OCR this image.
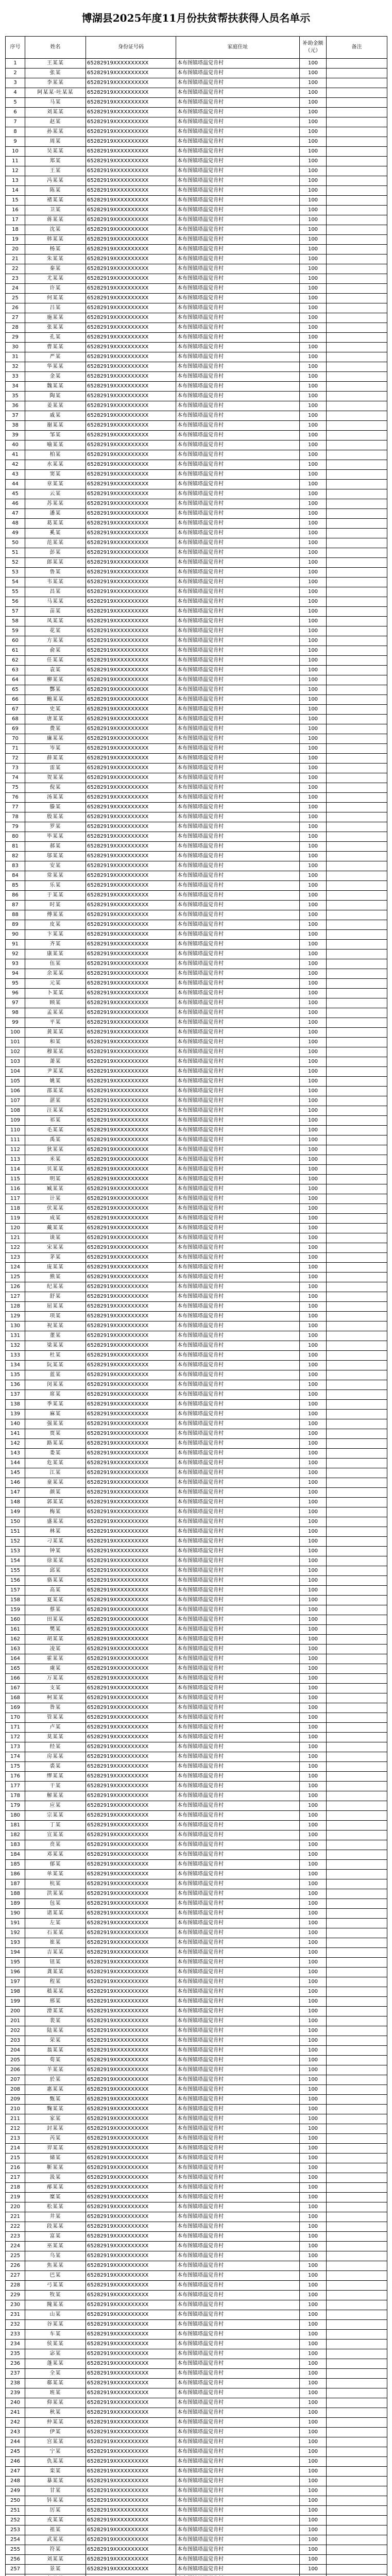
博湖县2025年度11月份扶贫帮扶获得人员名单示
序号	姓名	身份证号码	家庭住址	补助金额（元）	备注
1	王某某	65282919XXXXXXXXXX	本布图镇塔温觉肯村	100	
2	张某	65282919XXXXXXXXXX	本布图镇塔温觉肯村	100	
3	李某某	65282919XXXXXXXXXX	本布图镇塔温觉肯村	100	
4	阿某某·吐某某	65282919XXXXXXXXXX	本布图镇塔温觉肯村	100	
5	马某	65282919XXXXXXXXXX	本布图镇塔温觉肯村	100	
6	刘某某	65282919XXXXXXXXXX	本布图镇塔温觉肯村	100	
7	赵某	65282919XXXXXXXXXX	本布图镇塔温觉肯村	100	
8	孙某某	65282919XXXXXXXXXX	本布图镇塔温觉肯村	100	
9	周某	65282919XXXXXXXXXX	本布图镇塔温觉肯村	100	
10	吴某某	65282919XXXXXXXXXX	本布图镇塔温觉肯村	100	
11	郑某	65282919XXXXXXXXXX	本布图镇塔温觉肯村	100	
12	王某	65282919XXXXXXXXXX	本布图镇塔温觉肯村	100	
13	冯某某	65282919XXXXXXXXXX	本布图镇塔温觉肯村	100	
14	陈某	65282919XXXXXXXXXX	本布图镇塔温觉肯村	100	
15	褚某某	65282919XXXXXXXXXX	本布图镇塔温觉肯村	100	
16	卫某	65282919XXXXXXXXXX	本布图镇塔温觉肯村	100	
17	蒋某某	65282919XXXXXXXXXX	本布图镇塔温觉肯村	100	
18	沈某	65282919XXXXXXXXXX	本布图镇塔温觉肯村	100	
19	韩某某	65282919XXXXXXXXXX	本布图镇塔温觉肯村	100	
20	杨某	65282919XXXXXXXXXX	本布图镇塔温觉肯村	100	
21	朱某某	65282919XXXXXXXXXX	本布图镇塔温觉肯村	100	
22	秦某	65282919XXXXXXXXXX	本布图镇塔温觉肯村	100	
23	尤某某	65282919XXXXXXXXXX	本布图镇塔温觉肯村	100	
24	许某	65282919XXXXXXXXXX	本布图镇塔温觉肯村	100	
25	何某某	65282919XXXXXXXXXX	本布图镇塔温觉肯村	100	
26	吕某	65282919XXXXXXXXXX	本布图镇塔温觉肯村	100	
27	施某某	65282919XXXXXXXXXX	本布图镇塔温觉肯村	100	
28	张某某	65282919XXXXXXXXXX	本布图镇塔温觉肯村	100	
29	孔某	65282919XXXXXXXXXX	本布图镇塔温觉肯村	100	
30	曹某某	65282919XXXXXXXXXX	本布图镇塔温觉肯村	100	
31	严某	65282919XXXXXXXXXX	本布图镇塔温觉肯村	100	
32	华某某	65282919XXXXXXXXXX	本布图镇塔温觉肯村	100	
33	金某	65282919XXXXXXXXXX	本布图镇塔温觉肯村	100	
34	魏某某	65282919XXXXXXXXXX	本布图镇塔温觉肯村	100	
35	陶某	65282919XXXXXXXXXX	本布图镇塔温觉肯村	100	
36	姜某某	65282919XXXXXXXXXX	本布图镇塔温觉肯村	100	
37	戚某	65282919XXXXXXXXXX	本布图镇塔温觉肯村	100	
38	谢某某	65282919XXXXXXXXXX	本布图镇塔温觉肯村	100	
39	邹某	65282919XXXXXXXXXX	本布图镇塔温觉肯村	100	
40	喻某某	65282919XXXXXXXXXX	本布图镇塔温觉肯村	100	
41	柏某	65282919XXXXXXXXXX	本布图镇塔温觉肯村	100	
42	水某某	65282919XXXXXXXXXX	本布图镇塔温觉肯村	100	
43	窦某	65282919XXXXXXXXXX	本布图镇塔温觉肯村	100	
44	章某某	65282919XXXXXXXXXX	本布图镇塔温觉肯村	100	
45	云某	65282919XXXXXXXXXX	本布图镇塔温觉肯村	100	
46	苏某某	65282919XXXXXXXXXX	本布图镇塔温觉肯村	100	
47	潘某	65282919XXXXXXXXXX	本布图镇塔温觉肯村	100	
48	葛某某	65282919XXXXXXXXXX	本布图镇塔温觉肯村	100	
49	奚某	65282919XXXXXXXXXX	本布图镇塔温觉肯村	100	
50	范某某	65282919XXXXXXXXXX	本布图镇塔温觉肯村	100	
51	彭某	65282919XXXXXXXXXX	本布图镇塔温觉肯村	100	
52	郎某某	65282919XXXXXXXXXX	本布图镇塔温觉肯村	100	
53	鲁某	65282919XXXXXXXXXX	本布图镇塔温觉肯村	100	
54	韦某某	65282919XXXXXXXXXX	本布图镇塔温觉肯村	100	
55	昌某	65282919XXXXXXXXXX	本布图镇塔温觉肯村	100	
56	马某某	65282919XXXXXXXXXX	本布图镇塔温觉肯村	100	
57	苗某	65282919XXXXXXXXXX	本布图镇塔温觉肯村	100	
58	凤某某	65282919XXXXXXXXXX	本布图镇塔温觉肯村	100	
59	花某	65282919XXXXXXXXXX	本布图镇塔温觉肯村	100	
60	方某某	65282919XXXXXXXXXX	本布图镇塔温觉肯村	100	
61	俞某	65282919XXXXXXXXXX	本布图镇塔温觉肯村	100	
62	任某某	65282919XXXXXXXXXX	本布图镇塔温觉肯村	100	
63	袁某	65282919XXXXXXXXXX	本布图镇塔温觉肯村	100	
64	柳某某	65282919XXXXXXXXXX	本布图镇塔温觉肯村	100	
65	酆某	65282919XXXXXXXXXX	本布图镇塔温觉肯村	100	
66	鲍某某	65282919XXXXXXXXXX	本布图镇塔温觉肯村	100	
67	史某	65282919XXXXXXXXXX	本布图镇塔温觉肯村	100	
68	唐某某	65282919XXXXXXXXXX	本布图镇塔温觉肯村	100	
69	费某	65282919XXXXXXXXXX	本布图镇塔温觉肯村	100	
70	廉某某	65282919XXXXXXXXXX	本布图镇塔温觉肯村	100	
71	岑某	65282919XXXXXXXXXX	本布图镇塔温觉肯村	100	
72	薛某某	65282919XXXXXXXXXX	本布图镇塔温觉肯村	100	
73	雷某	65282919XXXXXXXXXX	本布图镇塔温觉肯村	100	
74	贺某某	65282919XXXXXXXXXX	本布图镇塔温觉肯村	100	
75	倪某	65282919XXXXXXXXXX	本布图镇塔温觉肯村	100	
76	汤某某	65282919XXXXXXXXXX	本布图镇塔温觉肯村	100	
77	滕某	65282919XXXXXXXXXX	本布图镇塔温觉肯村	100	
78	殷某某	65282919XXXXXXXXXX	本布图镇塔温觉肯村	100	
79	罗某	65282919XXXXXXXXXX	本布图镇塔温觉肯村	100	
80	毕某某	65282919XXXXXXXXXX	本布图镇塔温觉肯村	100	
81	郝某	65282919XXXXXXXXXX	本布图镇塔温觉肯村	100	
82	邬某某	65282919XXXXXXXXXX	本布图镇塔温觉肯村	100	
83	安某	65282919XXXXXXXXXX	本布图镇塔温觉肯村	100	
84	常某某	65282919XXXXXXXXXX	本布图镇塔温觉肯村	100	
85	乐某	65282919XXXXXXXXXX	本布图镇塔温觉肯村	100	
86	于某某	65282919XXXXXXXXXX	本布图镇塔温觉肯村	100	
87	时某	65282919XXXXXXXXXX	本布图镇塔温觉肯村	100	
88	傅某某	65282919XXXXXXXXXX	本布图镇塔温觉肯村	100	
89	皮某	65282919XXXXXXXXXX	本布图镇塔温觉肯村	100	
90	卞某某	65282919XXXXXXXXXX	本布图镇塔温觉肯村	100	
91	齐某	65282919XXXXXXXXXX	本布图镇塔温觉肯村	100	
92	康某某	65282919XXXXXXXXXX	本布图镇塔温觉肯村	100	
93	伍某	65282919XXXXXXXXXX	本布图镇塔温觉肯村	100	
94	余某某	65282919XXXXXXXXXX	本布图镇塔温觉肯村	100	
95	元某	65282919XXXXXXXXXX	本布图镇塔温觉肯村	100	
96	卜某某	65282919XXXXXXXXXX	本布图镇塔温觉肯村	100	
97	顾某	65282919XXXXXXXXXX	本布图镇塔温觉肯村	100	
98	孟某某	65282919XXXXXXXXXX	本布图镇塔温觉肯村	100	
99	平某	65282919XXXXXXXXXX	本布图镇塔温觉肯村	100	
100	黄某某	65282919XXXXXXXXXX	本布图镇塔温觉肯村	100	
101	和某	65282919XXXXXXXXXX	本布图镇塔温觉肯村	100	
102	穆某某	65282919XXXXXXXXXX	本布图镇塔温觉肯村	100	
103	萧某	65282919XXXXXXXXXX	本布图镇塔温觉肯村	100	
104	尹某某	65282919XXXXXXXXXX	本布图镇塔温觉肯村	100	
105	姚某	65282919XXXXXXXXXX	本布图镇塔温觉肯村	100	
106	邵某某	65282919XXXXXXXXXX	本布图镇塔温觉肯村	100	
107	湛某	65282919XXXXXXXXXX	本布图镇塔温觉肯村	100	
108	汪某某	65282919XXXXXXXXXX	本布图镇塔温觉肯村	100	
109	祁某	65282919XXXXXXXXXX	本布图镇塔温觉肯村	100	
110	毛某某	65282919XXXXXXXXXX	本布图镇塔温觉肯村	100	
111	禹某	65282919XXXXXXXXXX	本布图镇塔温觉肯村	100	
112	狄某某	65282919XXXXXXXXXX	本布图镇塔温觉肯村	100	
113	米某	65282919XXXXXXXXXX	本布图镇塔温觉肯村	100	
114	贝某某	65282919XXXXXXXXXX	本布图镇塔温觉肯村	100	
115	明某	65282919XXXXXXXXXX	本布图镇塔温觉肯村	100	
116	臧某某	65282919XXXXXXXXXX	本布图镇塔温觉肯村	100	
117	计某	65282919XXXXXXXXXX	本布图镇塔温觉肯村	100	
118	伏某某	65282919XXXXXXXXXX	本布图镇塔温觉肯村	100	
119	成某	65282919XXXXXXXXXX	本布图镇塔温觉肯村	100	
120	戴某某	65282919XXXXXXXXXX	本布图镇塔温觉肯村	100	
121	谈某	65282919XXXXXXXXXX	本布图镇塔温觉肯村	100	
122	宋某某	65282919XXXXXXXXXX	本布图镇塔温觉肯村	100	
123	茅某	65282919XXXXXXXXXX	本布图镇塔温觉肯村	100	
124	庞某某	65282919XXXXXXXXXX	本布图镇塔温觉肯村	100	
125	熊某	65282919XXXXXXXXXX	本布图镇塔温觉肯村	100	
126	纪某某	65282919XXXXXXXXXX	本布图镇塔温觉肯村	100	
127	舒某	65282919XXXXXXXXXX	本布图镇塔温觉肯村	100	
128	屈某某	65282919XXXXXXXXXX	本布图镇塔温觉肯村	100	
129	项某	65282919XXXXXXXXXX	本布图镇塔温觉肯村	100	
130	祝某某	65282919XXXXXXXXXX	本布图镇塔温觉肯村	100	
131	董某	65282919XXXXXXXXXX	本布图镇塔温觉肯村	100	
132	梁某某	65282919XXXXXXXXXX	本布图镇塔温觉肯村	100	
133	杜某	65282919XXXXXXXXXX	本布图镇塔温觉肯村	100	
134	阮某某	65282919XXXXXXXXXX	本布图镇塔温觉肯村	100	
135	蓝某	65282919XXXXXXXXXX	本布图镇塔温觉肯村	100	
136	闵某某	65282919XXXXXXXXXX	本布图镇塔温觉肯村	100	
137	席某	65282919XXXXXXXXXX	本布图镇塔温觉肯村	100	
138	季某某	65282919XXXXXXXXXX	本布图镇塔温觉肯村	100	
139	麻某	65282919XXXXXXXXXX	本布图镇塔温觉肯村	100	
140	强某某	65282919XXXXXXXXXX	本布图镇塔温觉肯村	100	
141	贾某	65282919XXXXXXXXXX	本布图镇塔温觉肯村	100	
142	路某某	65282919XXXXXXXXXX	本布图镇塔温觉肯村	100	
143	娄某	65282919XXXXXXXXXX	本布图镇塔温觉肯村	100	
144	危某某	65282919XXXXXXXXXX	本布图镇塔温觉肯村	100	
145	江某	65282919XXXXXXXXXX	本布图镇塔温觉肯村	100	
146	童某某	65282919XXXXXXXXXX	本布图镇塔温觉肯村	100	
147	颜某	65282919XXXXXXXXXX	本布图镇塔温觉肯村	100	
148	郭某某	65282919XXXXXXXXXX	本布图镇塔温觉肯村	100	
149	梅某	65282919XXXXXXXXXX	本布图镇塔温觉肯村	100	
150	盛某某	65282919XXXXXXXXXX	本布图镇塔温觉肯村	100	
151	林某	65282919XXXXXXXXXX	本布图镇塔温觉肯村	100	
152	刁某某	65282919XXXXXXXXXX	本布图镇塔温觉肯村	100	
153	钟某	65282919XXXXXXXXXX	本布图镇塔温觉肯村	100	
154	徐某某	65282919XXXXXXXXXX	本布图镇塔温觉肯村	100	
155	邱某	65282919XXXXXXXXXX	本布图镇塔温觉肯村	100	
156	骆某某	65282919XXXXXXXXXX	本布图镇塔温觉肯村	100	
157	高某	65282919XXXXXXXXXX	本布图镇塔温觉肯村	100	
158	夏某某	65282919XXXXXXXXXX	本布图镇塔温觉肯村	100	
159	蔡某	65282919XXXXXXXXXX	本布图镇塔温觉肯村	100	
160	田某某	65282919XXXXXXXXXX	本布图镇塔温觉肯村	100	
161	樊某	65282919XXXXXXXXXX	本布图镇塔温觉肯村	100	
162	胡某某	65282919XXXXXXXXXX	本布图镇塔温觉肯村	100	
163	凌某	65282919XXXXXXXXXX	本布图镇塔温觉肯村	100	
164	霍某某	65282919XXXXXXXXXX	本布图镇塔温觉肯村	100	
165	虞某	65282919XXXXXXXXXX	本布图镇塔温觉肯村	100	
166	万某某	65282919XXXXXXXXXX	本布图镇塔温觉肯村	100	
167	支某	65282919XXXXXXXXXX	本布图镇塔温觉肯村	100	
168	柯某某	65282919XXXXXXXXXX	本布图镇塔温觉肯村	100	
169	昝某	65282919XXXXXXXXXX	本布图镇塔温觉肯村	100	
170	管某某	65282919XXXXXXXXXX	本布图镇塔温觉肯村	100	
171	卢某	65282919XXXXXXXXXX	本布图镇塔温觉肯村	100	
172	莫某某	65282919XXXXXXXXXX	本布图镇塔温觉肯村	100	
173	经某	65282919XXXXXXXXXX	本布图镇塔温觉肯村	100	
174	房某某	65282919XXXXXXXXXX	本布图镇塔温觉肯村	100	
175	裘某	65282919XXXXXXXXXX	本布图镇塔温觉肯村	100	
176	缪某某	65282919XXXXXXXXXX	本布图镇塔温觉肯村	100	
177	干某	65282919XXXXXXXXXX	本布图镇塔温觉肯村	100	
178	解某某	65282919XXXXXXXXXX	本布图镇塔温觉肯村	100	
179	应某	65282919XXXXXXXXXX	本布图镇塔温觉肯村	100	
180	宗某某	65282919XXXXXXXXXX	本布图镇塔温觉肯村	100	
181	丁某	65282919XXXXXXXXXX	本布图镇塔温觉肯村	100	
182	宣某某	65282919XXXXXXXXXX	本布图镇塔温觉肯村	100	
183	贲某	65282919XXXXXXXXXX	本布图镇塔温觉肯村	100	
184	邓某某	65282919XXXXXXXXXX	本布图镇塔温觉肯村	100	
185	郁某	65282919XXXXXXXXXX	本布图镇塔温觉肯村	100	
186	单某某	65282919XXXXXXXXXX	本布图镇塔温觉肯村	100	
187	杭某	65282919XXXXXXXXXX	本布图镇塔温觉肯村	100	
188	洪某某	65282919XXXXXXXXXX	本布图镇塔温觉肯村	100	
189	包某	65282919XXXXXXXXXX	本布图镇塔温觉肯村	100	
190	诸某某	65282919XXXXXXXXXX	本布图镇塔温觉肯村	100	
191	左某	65282919XXXXXXXXXX	本布图镇塔温觉肯村	100	
192	石某某	65282919XXXXXXXXXX	本布图镇塔温觉肯村	100	
193	崔某	65282919XXXXXXXXXX	本布图镇塔温觉肯村	100	
194	吉某某	65282919XXXXXXXXXX	本布图镇塔温觉肯村	100	
195	钮某	65282919XXXXXXXXXX	本布图镇塔温觉肯村	100	
196	龚某某	65282919XXXXXXXXXX	本布图镇塔温觉肯村	100	
197	程某	65282919XXXXXXXXXX	本布图镇塔温觉肯村	100	
198	嵇某某	65282919XXXXXXXXXX	本布图镇塔温觉肯村	100	
199	邢某	65282919XXXXXXXXXX	本布图镇塔温觉肯村	100	
200	滑某某	65282919XXXXXXXXXX	本布图镇塔温觉肯村	100	
201	裴某	65282919XXXXXXXXXX	本布图镇塔温觉肯村	100	
202	陆某某	65282919XXXXXXXXXX	本布图镇塔温觉肯村	100	
203	荣某	65282919XXXXXXXXXX	本布图镇塔温觉肯村	100	
204	翁某某	65282919XXXXXXXXXX	本布图镇塔温觉肯村	100	
205	荀某	65282919XXXXXXXXXX	本布图镇塔温觉肯村	100	
206	羊某某	65282919XXXXXXXXXX	本布图镇塔温觉肯村	100	
207	於某	65282919XXXXXXXXXX	本布图镇塔温觉肯村	100	
208	惠某某	65282919XXXXXXXXXX	本布图镇塔温觉肯村	100	
209	甄某	65282919XXXXXXXXXX	本布图镇塔温觉肯村	100	
210	麴某某	65282919XXXXXXXXXX	本布图镇塔温觉肯村	100	
211	家某	65282919XXXXXXXXXX	本布图镇塔温觉肯村	100	
212	封某某	65282919XXXXXXXXXX	本布图镇塔温觉肯村	100	
213	芮某	65282919XXXXXXXXXX	本布图镇塔温觉肯村	100	
214	羿某某	65282919XXXXXXXXXX	本布图镇塔温觉肯村	100	
215	储某	65282919XXXXXXXXXX	本布图镇塔温觉肯村	100	
216	靳某某	65282919XXXXXXXXXX	本布图镇塔温觉肯村	100	
217	汲某	65282919XXXXXXXXXX	本布图镇塔温觉肯村	100	
218	邴某某	65282919XXXXXXXXXX	本布图镇塔温觉肯村	100	
219	糜某	65282919XXXXXXXXXX	本布图镇塔温觉肯村	100	
220	松某某	65282919XXXXXXXXXX	本布图镇塔温觉肯村	100	
221	井某	65282919XXXXXXXXXX	本布图镇塔温觉肯村	100	
222	段某某	65282919XXXXXXXXXX	本布图镇塔温觉肯村	100	
223	富某	65282919XXXXXXXXXX	本布图镇塔温觉肯村	100	
224	巫某某	65282919XXXXXXXXXX	本布图镇塔温觉肯村	100	
225	乌某	65282919XXXXXXXXXX	本布图镇塔温觉肯村	100	
226	焦某某	65282919XXXXXXXXXX	本布图镇塔温觉肯村	100	
227	巴某	65282919XXXXXXXXXX	本布图镇塔温觉肯村	100	
228	弓某某	65282919XXXXXXXXXX	本布图镇塔温觉肯村	100	
229	牧某	65282919XXXXXXXXXX	本布图镇塔温觉肯村	100	
230	隗某某	65282919XXXXXXXXXX	本布图镇塔温觉肯村	100	
231	山某	65282919XXXXXXXXXX	本布图镇塔温觉肯村	100	
232	谷某某	65282919XXXXXXXXXX	本布图镇塔温觉肯村	100	
233	车某	65282919XXXXXXXXXX	本布图镇塔温觉肯村	100	
234	侯某某	65282919XXXXXXXXXX	本布图镇塔温觉肯村	100	
235	宓某	65282919XXXXXXXXXX	本布图镇塔温觉肯村	100	
236	蓬某某	65282919XXXXXXXXXX	本布图镇塔温觉肯村	100	
237	全某	65282919XXXXXXXXXX	本布图镇塔温觉肯村	100	
238	郗某某	65282919XXXXXXXXXX	本布图镇塔温觉肯村	100	
239	班某	65282919XXXXXXXXXX	本布图镇塔温觉肯村	100	
240	仰某某	65282919XXXXXXXXXX	本布图镇塔温觉肯村	100	
241	秋某	65282919XXXXXXXXXX	本布图镇塔温觉肯村	100	
242	仲某某	65282919XXXXXXXXXX	本布图镇塔温觉肯村	100	
243	伊某	65282919XXXXXXXXXX	本布图镇塔温觉肯村	100	
244	宫某某	65282919XXXXXXXXXX	本布图镇塔温觉肯村	100	
245	宁某	65282919XXXXXXXXXX	本布图镇塔温觉肯村	100	
246	仇某某	65282919XXXXXXXXXX	本布图镇塔温觉肯村	100	
247	栾某	65282919XXXXXXXXXX	本布图镇塔温觉肯村	100	
248	暴某某	65282919XXXXXXXXXX	本布图镇塔温觉肯村	100	
249	甘某	65282919XXXXXXXXXX	本布图镇塔温觉肯村	100	
250	钭某某	65282919XXXXXXXXXX	本布图镇塔温觉肯村	100	
251	厉某	65282919XXXXXXXXXX	本布图镇塔温觉肯村	100	
252	戎某某	65282919XXXXXXXXXX	本布图镇塔温觉肯村	100	
253	祖某	65282919XXXXXXXXXX	本布图镇塔温觉肯村	100	
254	武某某	65282919XXXXXXXXXX	本布图镇塔温觉肯村	100	
255	符某	65282919XXXXXXXXXX	本布图镇塔温觉肯村	100	
256	刘某某	65282919XXXXXXXXXX	本布图镇塔温觉肯村	100	
257	景某	65282919XXXXXXXXXX	本布图镇塔温觉肯村	100	
